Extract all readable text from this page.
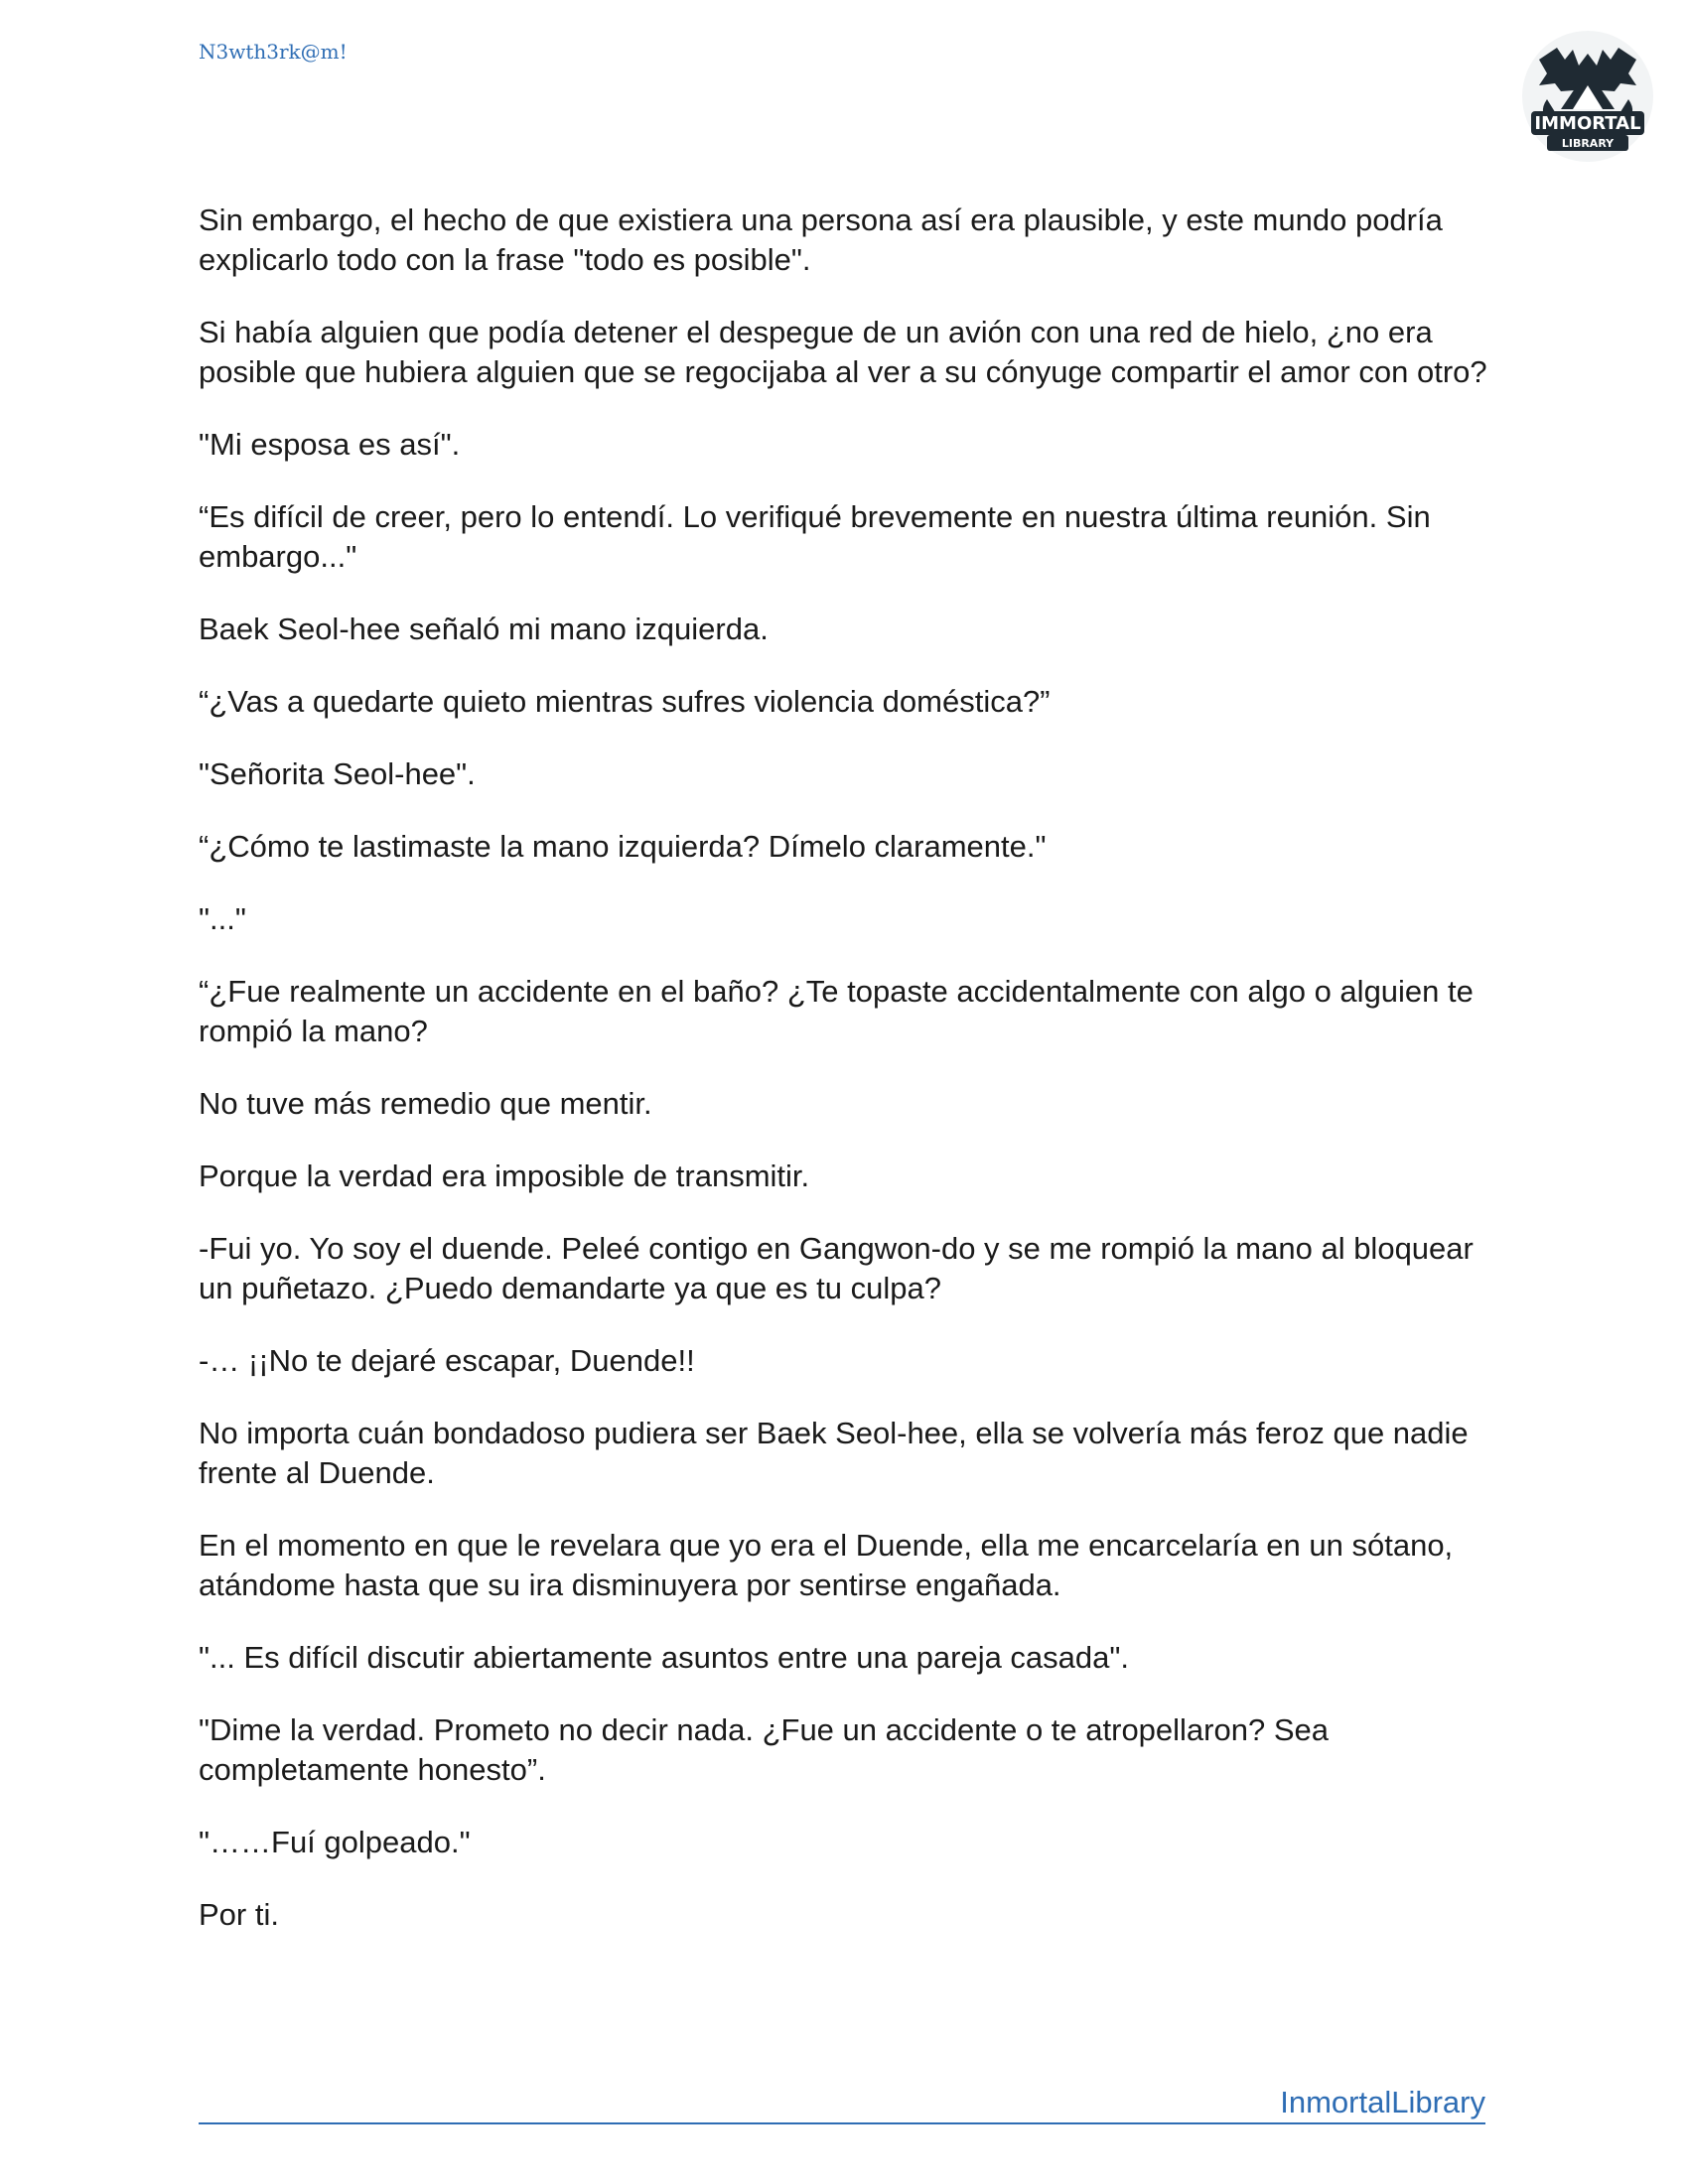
N3wth3rk@m!
IMMORTAL
LIBRARY

Sin embargo, el hecho de que existiera una persona así era plausible, y este mundo podría explicarlo todo con la frase "todo es posible".

Si había alguien que podía detener el despegue de un avión con una red de hielo, ¿no era posible que hubiera alguien que se regocijaba al ver a su cónyuge compartir el amor con otro?

"Mi esposa es así".

“Es difícil de creer, pero lo entendí. Lo verifiqué brevemente en nuestra última reunión. Sin embargo..."

Baek Seol-hee señaló mi mano izquierda.

“¿Vas a quedarte quieto mientras sufres violencia doméstica?”

"Señorita Seol-hee".

“¿Cómo te lastimaste la mano izquierda? Dímelo claramente."

"..."

“¿Fue realmente un accidente en el baño? ¿Te topaste accidentalmente con algo o alguien te rompió la mano?

No tuve más remedio que mentir.

Porque la verdad era imposible de transmitir.

-Fui yo. Yo soy el duende. Peleé contigo en Gangwon-do y se me rompió la mano al bloquear un puñetazo. ¿Puedo demandarte ya que es tu culpa?

-… ¡¡No te dejaré escapar, Duende!!

No importa cuán bondadoso pudiera ser Baek Seol-hee, ella se volvería más feroz que nadie frente al Duende.

En el momento en que le revelara que yo era el Duende, ella me encarcelaría en un sótano, atándome hasta que su ira disminuyera por sentirse engañada.

"... Es difícil discutir abiertamente asuntos entre una pareja casada".

"Dime la verdad. Prometo no decir nada. ¿Fue un accidente o te atropellaron? Sea completamente honesto”.

"……Fuí golpeado."

Por ti.

InmortalLibrary
